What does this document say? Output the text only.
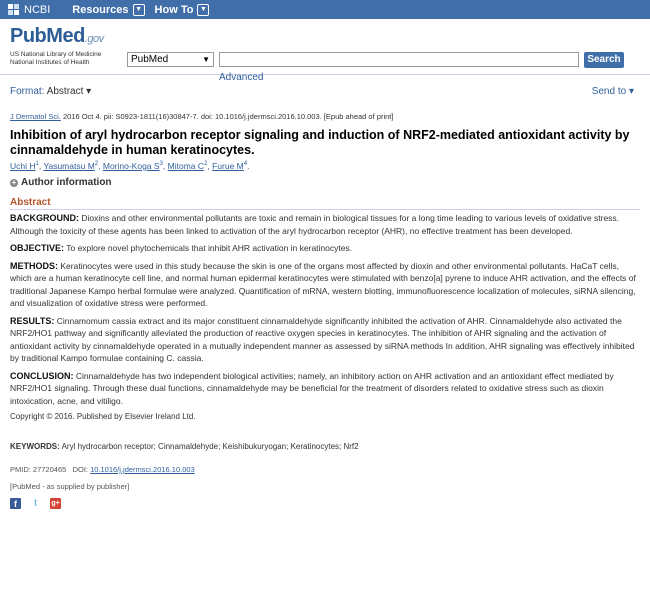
NCBI Resources ▼ How To ▼
PubMed.gov
US National Library of Medicine
National Institutes of Health	PubMed	▼	Search
Advanced
Format: Abstract ▾	Send to ▾
J Dermatol Sci. 2016 Oct 4. pii: S0923-1811(16)30847-7. doi: 10.1016/j.jdermsci.2016.10.003. [Epub ahead of print]
Inhibition of aryl hydrocarbon receptor signaling and induction of NRF2-mediated antioxidant activity by cinnamaldehyde in human keratinocytes.
Uchi $H^1$, Yasumatsu $M^2$, Morino-Koga $S^3$, Mitoma $C^2$, Furue $M^4$.
+ Author information
Abstract
BACKGROUND: Dioxins and other environmental pollutants are toxic and remain in biological tissues for a long time leading to various levels of oxidative stress. Although the toxicity of these agents has been linked to activation of the aryl hydrocarbon receptor (AHR), no effective treatment has been developed.
OBJECTIVE: To explore novel phytochemicals that inhibit AHR activation in keratinocytes.
METHODS: Keratinocytes were used in this study because the skin is one of the organs most affected by dioxin and other environmental pollutants. HaCaT cells, which are a human keratinocyte cell line, and normal human epidermal keratinocytes were stimulated with benzo[a] pyrene to induce AHR activation, and the effects of traditional Japanese Kampo herbal formulae were analyzed. Quantification of mRNA, western blotting, immunofluorescence localization of molecules, siRNA silencing, and visualization of oxidative stress were performed.
RESULTS: Cinnamomum cassia extract and its major constituent cinnamaldehyde significantly inhibited the activation of AHR. Cinnamaldehyde also activated the NRF2/HO1 pathway and significantly alleviated the production of reactive oxygen species in keratinocytes. The inhibition of AHR signaling and the activation of antioxidant activity by cinnamaldehyde operated in a mutually independent manner as assessed by siRNA methods In addition, AHR signaling was effectively inhibited by traditional Kampo formulae containing C. cassia.
CONCLUSION: Cinnamaldehyde has two independent biological activities; namely, an inhibitory action on AHR activation and an antioxidant effect mediated by NRF2/HO1 signaling. Through these dual functions, cinnamaldehyde may be beneficial for the treatment of disorders related to oxidative stress such as dioxin intoxication, acne, and vitiligo.
Copyright © 2016. Published by Elsevier Ireland Ltd.
KEYWORDS: Aryl hydrocarbon receptor; Cinnamaldehyde; Keishibukuryogan; Keratinocytes; Nrf2
PMID: 27720465 DOI: 10.1016/j.jdermsci.2016.10.003
[PubMed - as supplied by publisher]
f	t	g+
